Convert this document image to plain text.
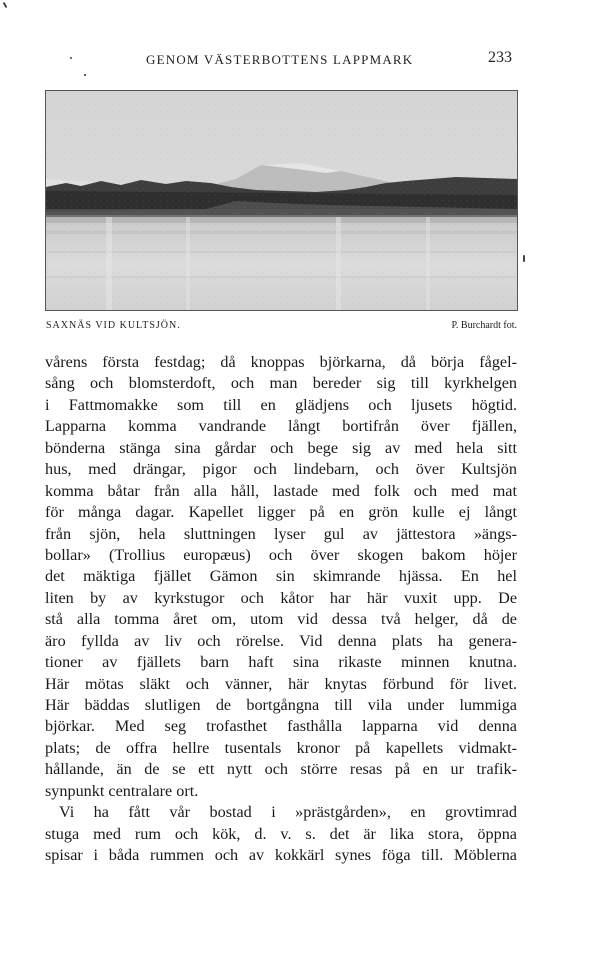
GENOM VÄSTERBOTTENS LAPPMARK	233
SAXNÄS VID KULTSJÖN.	P. Burchardt fot.
vårens första festdag; då knoppas björkarna, då börja fågel-
sång och blomsterdoft, och man bereder sig till kyrkhelgen
i Fattmomakke som till en glädjens och ljusets högtid.
Lapparna komma vandrande långt bortifrån över fjällen,
bönderna stänga sina gårdar och bege sig av med hela sitt
hus, med drängar, pigor och lindebarn, och över Kultsjön
komma båtar från alla håll, lastade med folk och med mat
för många dagar. Kapellet ligger på en grön kulle ej långt
från sjön, hela sluttningen lyser gul av jättestora »ängs-
bollar» (Trollius europæus) och över skogen bakom höjer
det mäktiga fjället Gämon sin skimrande hjässa. En hel
liten by av kyrkstugor och kåtor har här vuxit upp. De
stå alla tomma året om, utom vid dessa två helger, då de
äro fyllda av liv och rörelse. Vid denna plats ha genera-
tioner av fjällets barn haft sina rikaste minnen knutna.
Här mötas släkt och vänner, här knytas förbund för livet.
Här bäddas slutligen de bortgångna till vila under lummiga
björkar. Med seg trofasthet fasthålla lapparna vid denna
plats; de offra hellre tusentals kronor på kapellets vidmakt-
hållande, än de se ett nytt och större resas på en ur trafik-
synpunkt centralare ort.
Vi ha fått vår bostad i »prästgården», en grovtimrad
stuga med rum och kök, d. v. s. det är lika stora, öppna
spisar i båda rummen och av kokkärl synes föga till. Möblerna
